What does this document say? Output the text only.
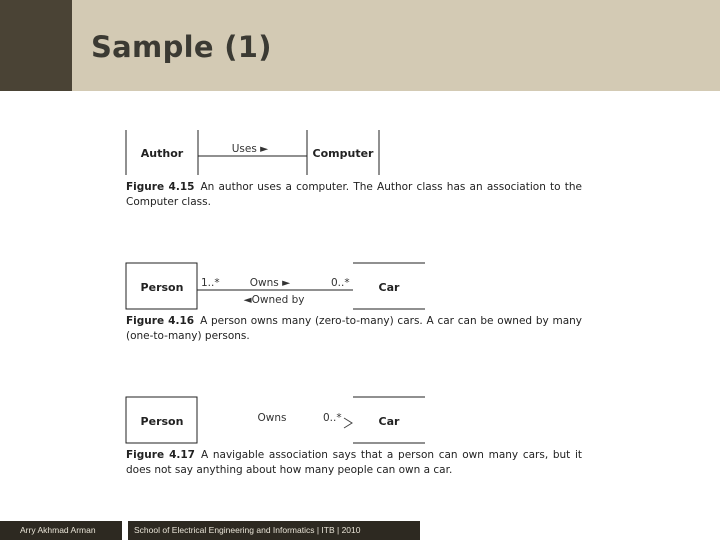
Sample (1)
Author	Computer
Uses ►
Person	Car
1..*	Owns ►	0..*
◄Owned by
Person	Car
Owns	0..*
Figure 4.15 An author uses a computer. The Author class has an association to the Computer class.
Figure 4.16 A person owns many (zero-to-many) cars. A car can be owned by many (one-to-many) persons.
Figure 4.17 A navigable association says that a person can own many cars, but it does not say anything about how many people can own a car.
Arry Akhmad Arman	School of Electrical Engineering and Informatics | ITB | 2010
